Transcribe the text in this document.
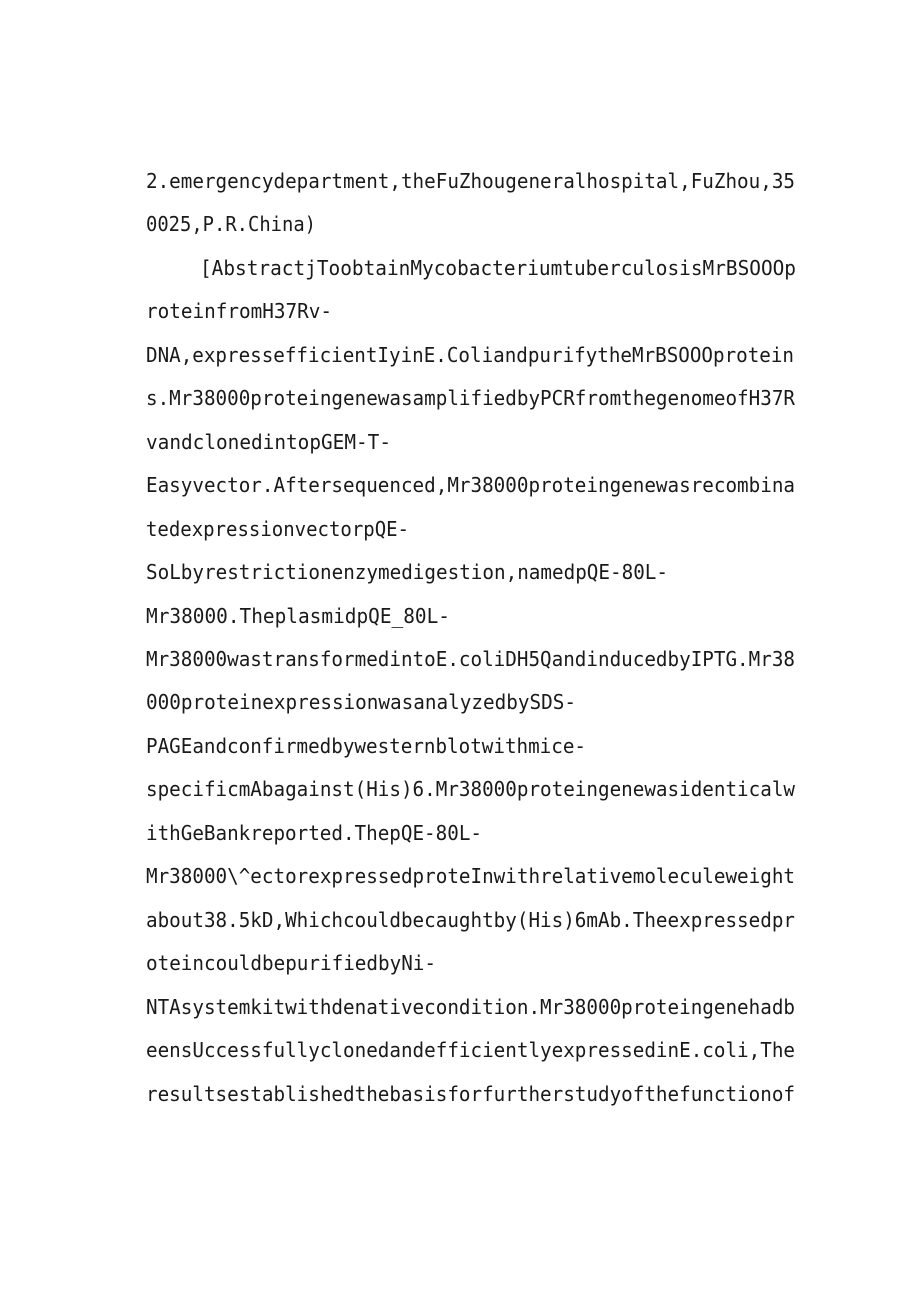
2.emergencydepartment,theFuZhougeneralhospital,FuZhou,35
0025,P.R.China)
[AbstractjToobtainMycobacteriumtuberculosisMrBSOOOp
roteinfromH37Rv-
DNA,expressefficientIyinE.ColiandpurifytheMrBSOOOprotein
s.Mr38000proteingenewasamplifiedbyPCRfromthegenomeofH37R
vandclonedintopGEM-T-
Easyvector.Aftersequenced,Mr38000proteingenewasrecombina
tedexpressionvectorpQE-
SoLbyrestrictionenzymedigestion,namedpQE-80L-
Mr38000.TheplasmidpQE_80L-
Mr38000wastransformedintoE.coliDH5QandinducedbyIPTG.Mr38
000proteinexpressionwasanalyzedbySDS-
PAGEandconfirmedbywesternblotwithmice-
specificmAbagainst(His)6.Mr38000proteingenewasidenticalw
ithGeBankreported.ThepQE-80L-
Mr38000\^ectorexpressedproteInwithrelativemoleculeweight
about38.5kD,Whichcouldbecaughtby(His)6mAb.Theexpressedpr
oteincouldbepurifiedbyNi-
NTAsystemkitwithdenativecondition.Mr38000proteingenehadb
eensUccessfullyclonedandefficientlyexpressedinE.coli,The
resultsestablishedthebasisforfurtherstudyofthefunctionof
